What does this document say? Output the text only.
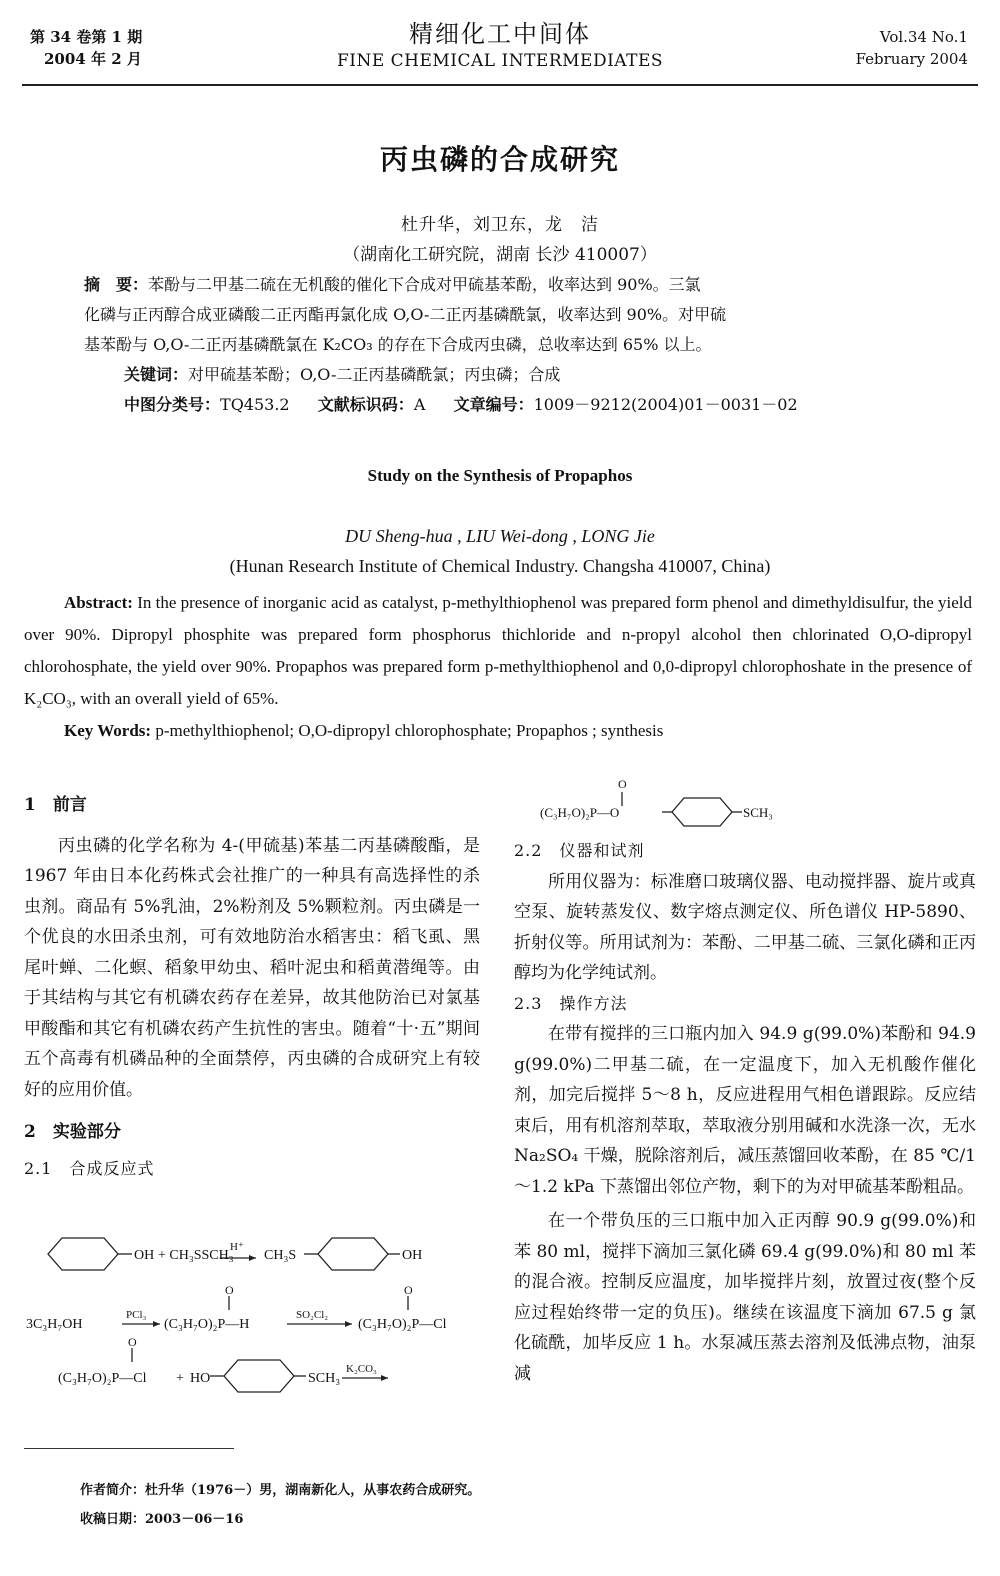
第 34 卷第 1 期
2004 年 2 月
精细化工中间体
FINE CHEMICAL INTERMEDIATES
Vol.34 No.1
February 2004
丙虫磷的合成研究
杜升华，刘卫东，龙　洁
（湖南化工研究院，湖南 长沙 410007）
摘　要：苯酚与二甲基二硫在无机酸的催化下合成对甲硫基苯酚，收率达到 90%。三氯
化磷与正丙醇合成亚磷酸二正丙酯再氯化成 O,O-二正丙基磷酰氯，收率达到 90%。对甲硫
基苯酚与 O,O-二正丙基磷酰氯在 K₂CO₃ 的存在下合成丙虫磷，总收率达到 65% 以上。
关键词：对甲硫基苯酚；O,O-二正丙基磷酰氯；丙虫磷；合成
中图分类号：TQ453.2 文献标识码：A 文章编号：1009－9212(2004)01－0031－02
Study on the Synthesis of Propaphos
DU Sheng-hua , LIU Wei-dong , LONG Jie
(Hunan Research Institute of Chemical Industry. Changsha 410007, China)
Abstract: In the presence of inorganic acid as catalyst, p-methylthiophenol was prepared form phenol and dimethyldisulfur, the yield over 90%. Dipropyl phosphite was prepared form phosphorus thichloride and n-propyl alcohol then chlorinated O,O-dipropyl chlorohosphate, the yield over 90%. Propaphos was prepared form p-methylthiophenol and 0,0-dipropyl chlorophoshate in the presence of K₂CO₃, with an overall yield of 65%.
Key Words: p-methylthiophenol; O,O-dipropyl chlorophosphate; Propaphos ; synthesis
1　前言
丙虫磷的化学名称为 4-(甲硫基)苯基二丙基磷酸酯，是 1967 年由日本化药株式会社推广的一种具有高选择性的杀虫剂。商品有 5%乳油，2%粉剂及 5%颗粒剂。丙虫磷是一个优良的水田杀虫剂，可有效地防治水稻害虫：稻飞虱、黑尾叶蝉、二化螟、稻象甲幼虫、稻叶泥虫和稻黄潜绳等。由于其结构与其它有机磷农药存在差异，故其他防治已对氯基甲酸酯和其它有机磷农药产生抗性的害虫。随着“十·五”期间五个高毒有机磷品种的全面禁停，丙虫磷的合成研究上有较好的应用价值。
2　实验部分
2.1　合成反应式
OH + CH₃SSCH₃
H⁺
CH₃S	OH
O	O
3C₃H₇OH
PCl₃
(C₃H₇O)₂P—H
SO₂Cl₂
(C₃H₇O)₂P—Cl
O
(C₃H₇O)₂P—Cl + HO	SCH₃
K₂CO₃
O
(C₃H₇O)₂P—O	SCH₃
2.2　仪器和试剂
所用仪器为：标准磨口玻璃仪器、电动搅拌器、旋片或真空泵、旋转蒸发仪、数字熔点测定仪、所色谱仪 HP-5890、折射仪等。所用试剂为：苯酚、二甲基二硫、三氯化磷和正丙醇均为化学纯试剂。
2.3　操作方法
在带有搅拌的三口瓶内加入 94.9 g(99.0%)苯酚和 94.9 g(99.0%)二甲基二硫，在一定温度下，加入无机酸作催化剂，加完后搅拌 5～8 h，反应进程用气相色谱跟踪。反应结束后，用有机溶剂萃取，萃取液分别用碱和水洗涤一次，无水 Na₂SO₄ 干燥，脱除溶剂后，减压蒸馏回收苯酚，在 85 ℃/1～1.2 kPa 下蒸馏出邻位产物，剩下的为对甲硫基苯酚粗品。
在一个带负压的三口瓶中加入正丙醇 90.9 g(99.0%)和苯 80 ml，搅拌下滴加三氯化磷 69.4 g(99.0%)和 80 ml 苯的混合液。控制反应温度，加毕搅拌片刻，放置过夜(整个反应过程始终带一定的负压)。继续在该温度下滴加 67.5 g 氯化硫酰，加毕反应 1 h。水泵减压蒸去溶剂及低沸点物，油泵减
作者简介：杜升华（1976－）男，湖南新化人，从事农药合成研究。
收稿日期：2003－06－16
